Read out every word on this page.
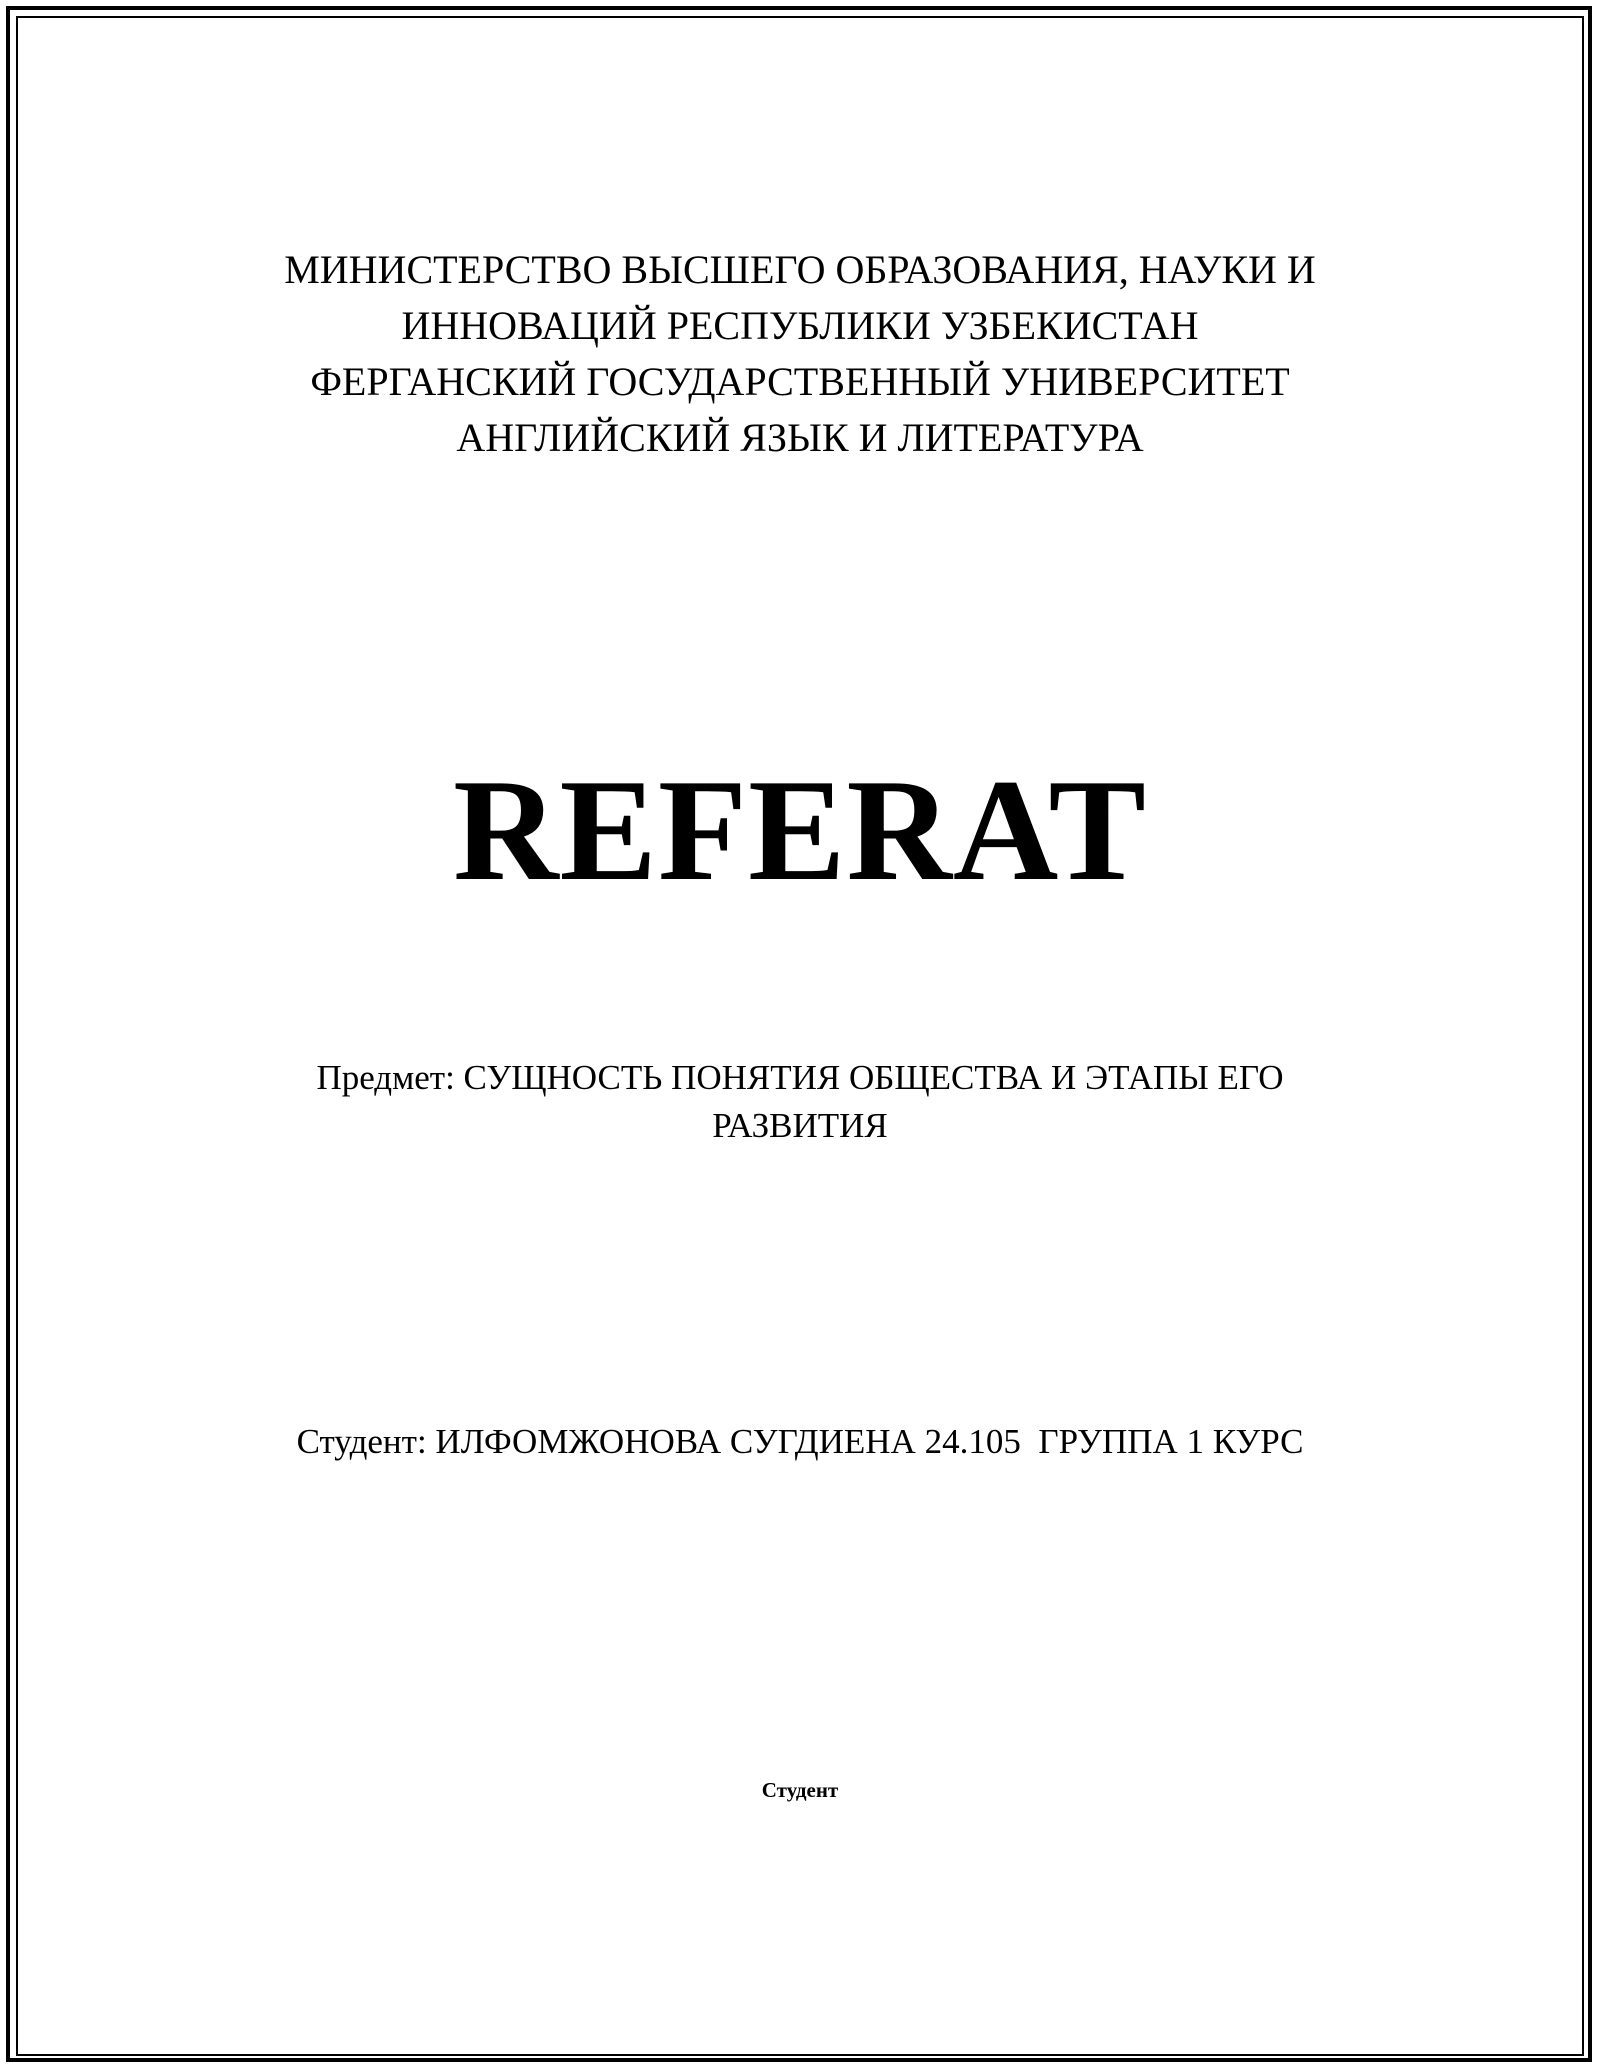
МИНИСТЕРСТВО ВЫСШЕГО ОБРАЗОВАНИЯ, НАУКИ И
ИННОВАЦИЙ РЕСПУБЛИКИ УЗБЕКИСТАН
ФЕРГАНСКИЙ ГОСУДАРСТВЕННЫЙ УНИВЕРСИТЕТ
АНГЛИЙСКИЙ ЯЗЫК И ЛИТЕРАТУРА
REFERAT
Предмет: СУЩНОСТЬ ПОНЯТИЯ ОБЩЕСТВА И ЭТАПЫ ЕГО
РАЗВИТИЯ
Студент: ИЛФОМЖОНОВА СУГДИЕНА 24.105  ГРУППА 1 КУРС
Студент
